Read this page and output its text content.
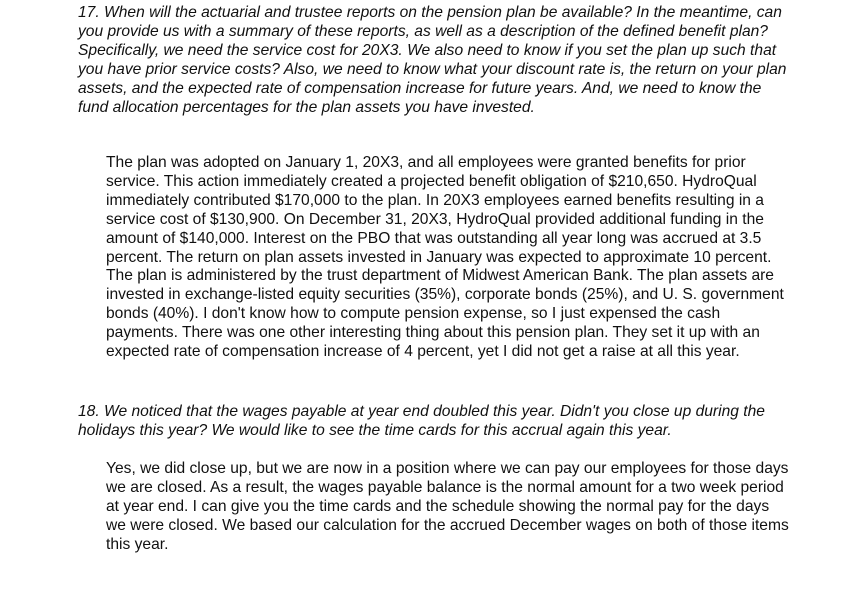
17. When will the actuarial and trustee reports on the pension plan be available? In the meantime, can you provide us with a summary of these reports, as well as a description of the defined benefit plan? Specifically, we need the service cost for 20X3. We also need to know if you set the plan up such that you have prior service costs? Also, we need to know what your discount rate is, the return on your plan assets, and the expected rate of compensation increase for future years. And, we need to know the fund allocation percentages for the plan assets you have invested.

The plan was adopted on January 1, 20X3, and all employees were granted benefits for prior service. This action immediately created a projected benefit obligation of $210,650. HydroQual immediately contributed $170,000 to the plan. In 20X3 employees earned benefits resulting in a service cost of $130,900. On December 31, 20X3, HydroQual provided additional funding in the amount of $140,000. Interest on the PBO that was outstanding all year long was accrued at 3.5 percent. The return on plan assets invested in January was expected to approximate 10 percent. The plan is administered by the trust department of Midwest American Bank. The plan assets are invested in exchange-listed equity securities (35%), corporate bonds (25%), and U. S. government bonds (40%). I don't know how to compute pension expense, so I just expensed the cash payments. There was one other interesting thing about this pension plan. They set it up with an expected rate of compensation increase of 4 percent, yet I did not get a raise at all this year.

18. We noticed that the wages payable at year end doubled this year. Didn't you close up during the holidays this year? We would like to see the time cards for this accrual again this year.

Yes, we did close up, but we are now in a position where we can pay our employees for those days we are closed. As a result, the wages payable balance is the normal amount for a two week period at year end. I can give you the time cards and the schedule showing the normal pay for the days we were closed. We based our calculation for the accrued December wages on both of those items this year.
